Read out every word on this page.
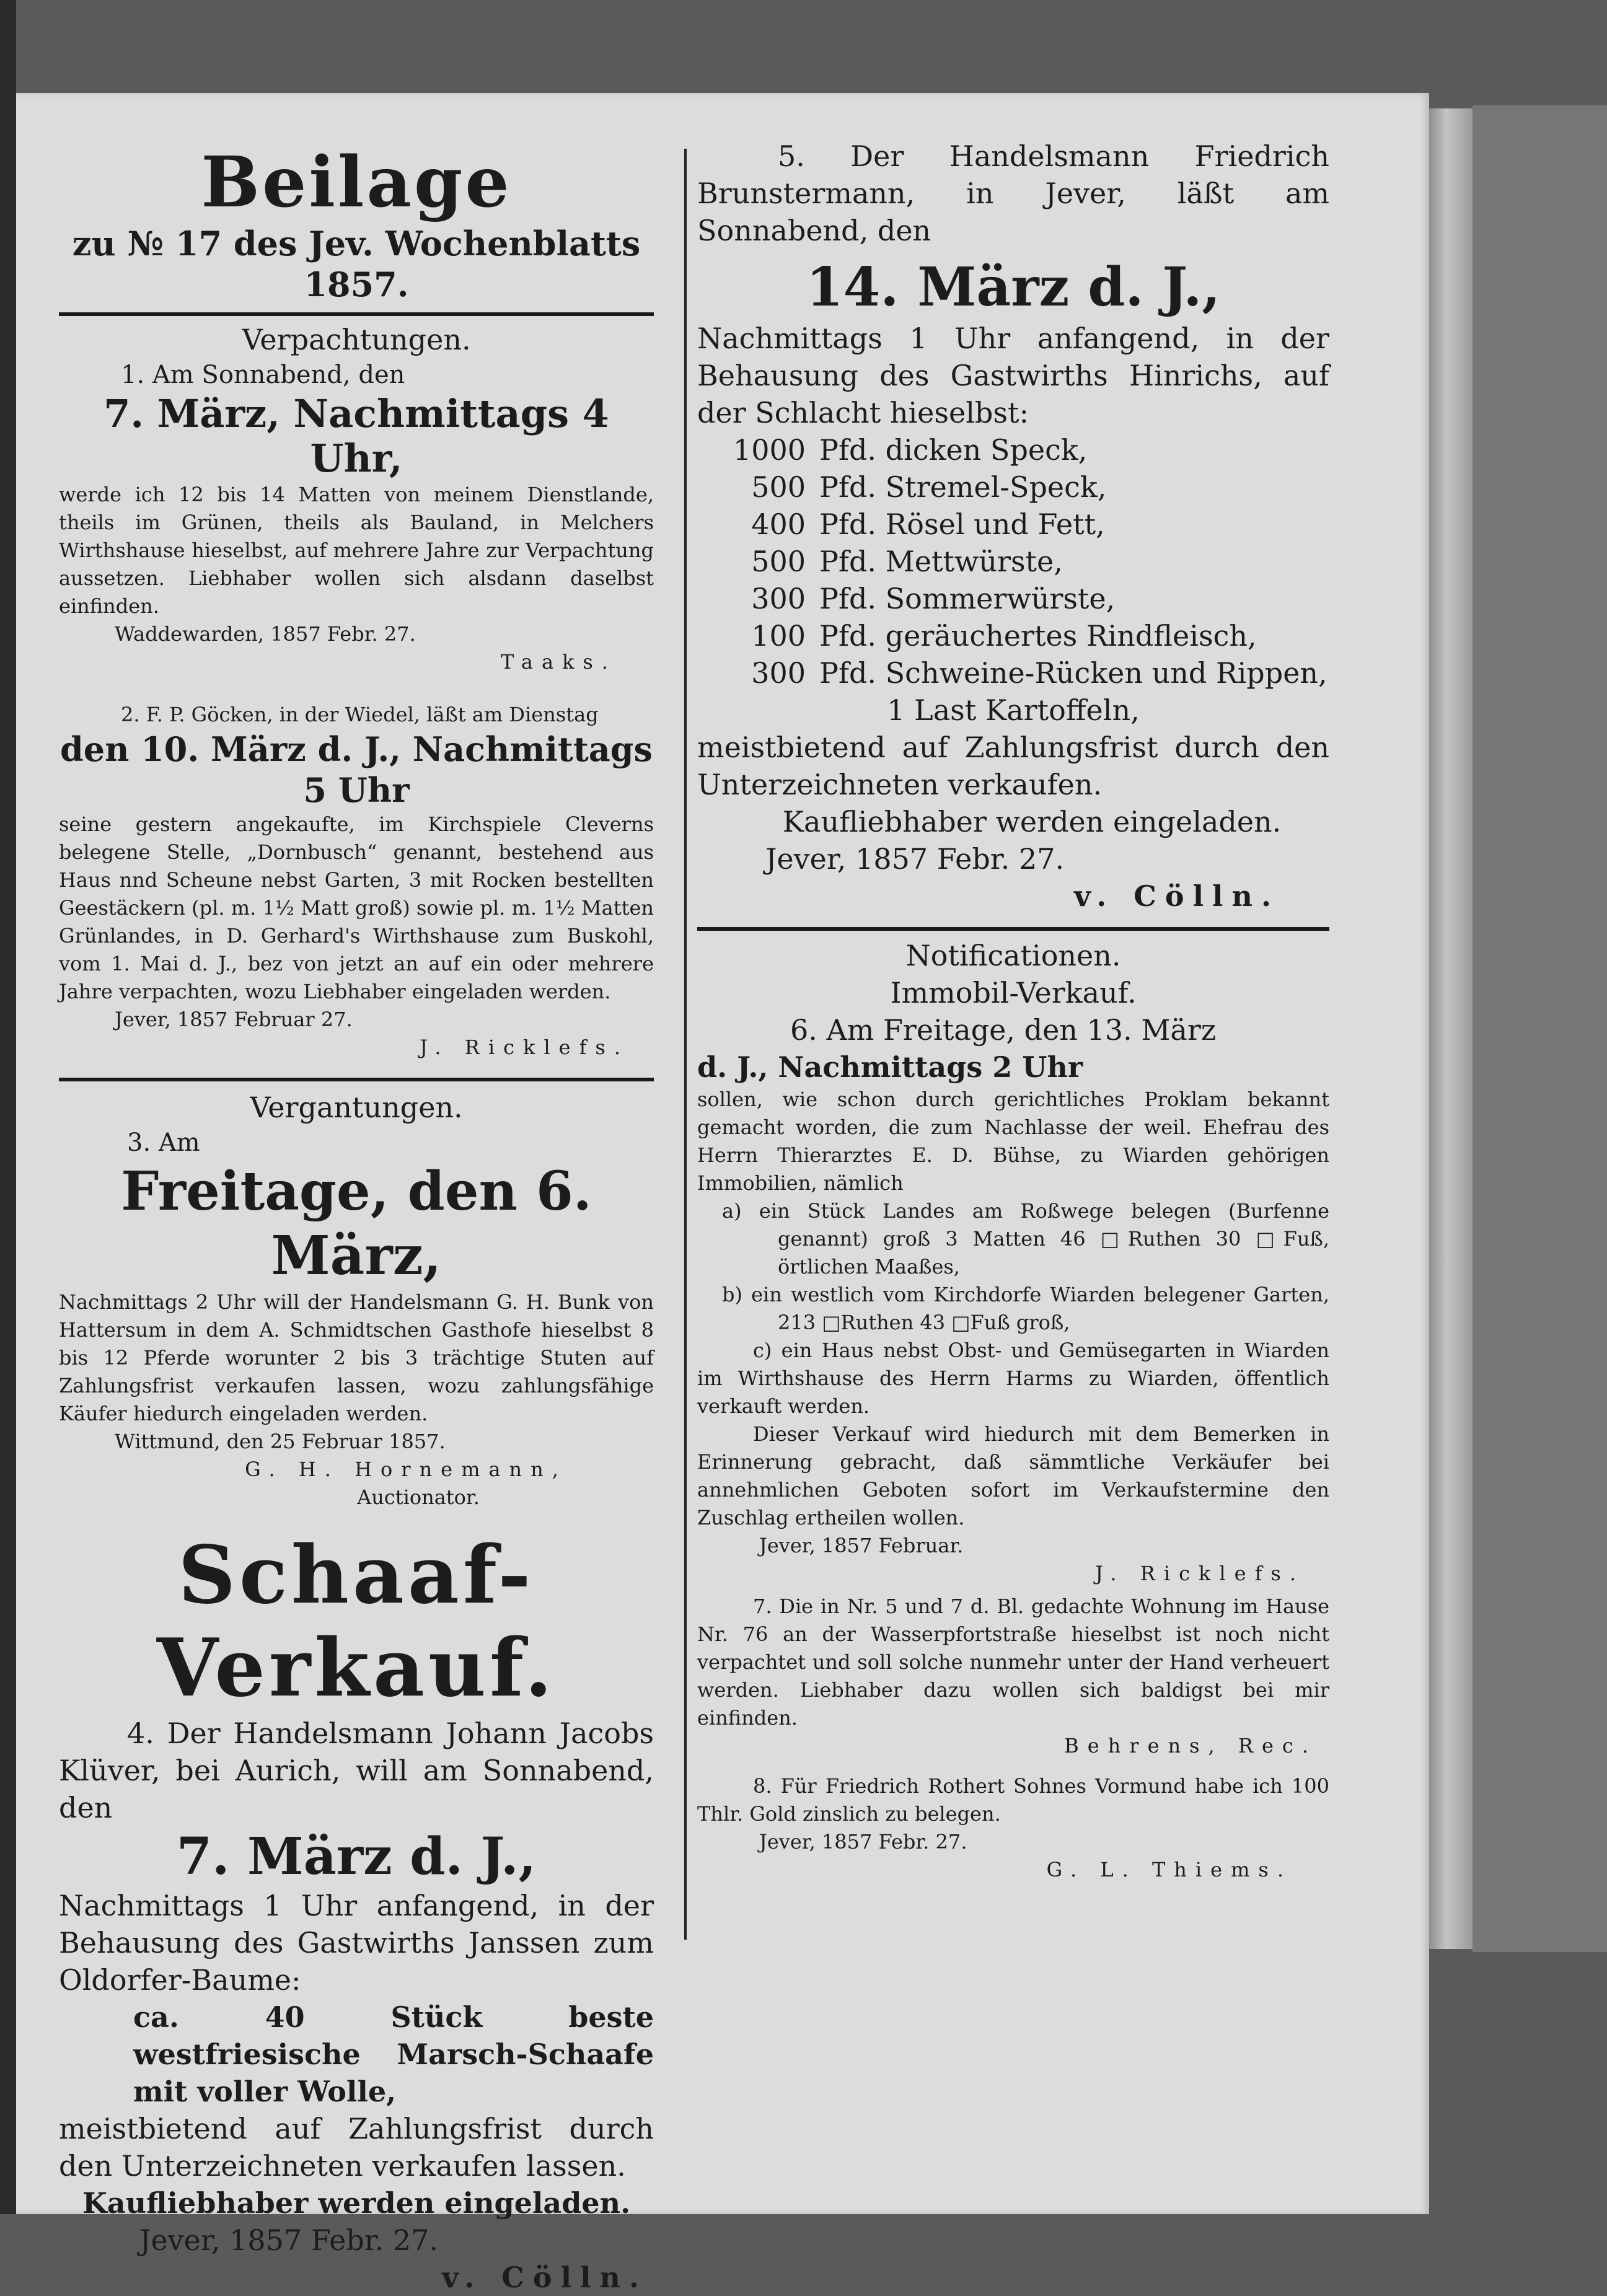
Beilage
zu № 17 des Jev. Wochenblatts 1857.
Verpachtungen.
1. Am Sonnabend, den
7. März, Nachmittags 4 Uhr,
werde ich 12 bis 14 Matten von meinem Dienstlande, theils im Grünen, theils als Bauland, in Melchers Wirthshause hieselbst, auf mehrere Jahre zur Verpachtung aussetzen. Liebhaber wollen sich alsdann daselbst einfinden.
Waddewarden, 1857 Febr. 27.
Taaks.
2. F. P. Göcken, in der Wiedel, läßt am Dienstag
den 10. März d. J., Nachmittags 5 Uhr
seine gestern angekaufte, im Kirchspiele Cleverns belegene Stelle, „Dornbusch“ genannt, bestehend aus Haus nnd Scheune nebst Garten, 3 mit Rocken bestellten Geestäckern (pl. m. 1½ Matt groß) sowie pl. m. 1½ Matten Grünlandes, in D. Gerhard's Wirthshause zum Buskohl, vom 1. Mai d. J., bez von jetzt an auf ein oder mehrere Jahre verpachten, wozu Liebhaber eingeladen werden.
Jever, 1857 Februar 27.
J. Ricklefs.
Vergantungen.
3. Am
Freitage, den 6. März,
Nachmittags 2 Uhr will der Handelsmann G. H. Bunk von Hattersum in dem A. Schmidtschen Gasthofe hieselbst 8 bis 12 Pferde worunter 2 bis 3 trächtige Stuten auf Zahlungsfrist verkaufen lassen, wozu zahlungsfähige Käufer hiedurch eingeladen werden.
Wittmund, den 25 Februar 1857.
G. H. Hornemann,
Auctionator.
Schaaf-Verkauf.
4. Der Handelsmann Johann Jacobs Klüver, bei Aurich, will am Sonnabend, den
7. März d. J.,
Nachmittags 1 Uhr anfangend, in der Behausung des Gastwirths Janssen zum Oldorfer-Baume:
ca. 40 Stück beste westfriesische Marsch-Schaafe mit voller Wolle,
meistbietend auf Zahlungsfrist durch den Unterzeichneten verkaufen lassen.
Kaufliebhaber werden eingeladen.
Jever, 1857 Febr. 27.
v. Cölln.
5. Der Handelsmann Friedrich Brunstermann, in Jever, läßt am Sonnabend, den
14. März d. J.,
Nachmittags 1 Uhr anfangend, in der Behausung des Gastwirths Hinrichs, auf der Schlacht hieselbst:
1000 Pfd. dicken Speck,
500 Pfd. Stremel-Speck,
400 Pfd. Rösel und Fett,
500 Pfd. Mettwürste,
300 Pfd. Sommerwürste,
100 Pfd. geräuchertes Rindfleisch,
300 Pfd. Schweine-Rücken und Rippen,
1 Last Kartoffeln,
meistbietend auf Zahlungsfrist durch den Unterzeichneten verkaufen.
Kaufliebhaber werden eingeladen.
Jever, 1857 Febr. 27.
v. Cölln.
Notificationen.
Immobil-Verkauf.
6. Am Freitage, den 13. März
d. J., Nachmittags 2 Uhr
sollen, wie schon durch gerichtliches Proklam bekannt gemacht worden, die zum Nachlasse der weil. Ehefrau des Herrn Thierarztes E. D. Bühse, zu Wiarden gehörigen Immobilien, nämlich
a) ein Stück Landes am Roßwege belegen (Burfenne genannt) groß 3 Matten 46 □Ruthen 30 □Fuß, örtlichen Maaßes,
b) ein westlich vom Kirchdorfe Wiarden belegener Garten, 213 □Ruthen 43 □Fuß groß,
c) ein Haus nebst Obst- und Gemüsegarten in Wiarden im Wirthshause des Herrn Harms zu Wiarden, öffentlich verkauft werden.
Dieser Verkauf wird hiedurch mit dem Bemerken in Erinnerung gebracht, daß sämmtliche Verkäufer bei annehmlichen Geboten sofort im Verkaufstermine den Zuschlag ertheilen wollen.
Jever, 1857 Februar.
J. Ricklefs.
7. Die in Nr. 5 und 7 d. Bl. gedachte Wohnung im Hause Nr. 76 an der Wasserpfortstraße hieselbst ist noch nicht verpachtet und soll solche nunmehr unter der Hand verheuert werden. Liebhaber dazu wollen sich baldigst bei mir einfinden.
Behrens, Rec.
8. Für Friedrich Rothert Sohnes Vormund habe ich 100 Thlr. Gold zinslich zu belegen.
Jever, 1857 Febr. 27.
G. L. Thiems.
